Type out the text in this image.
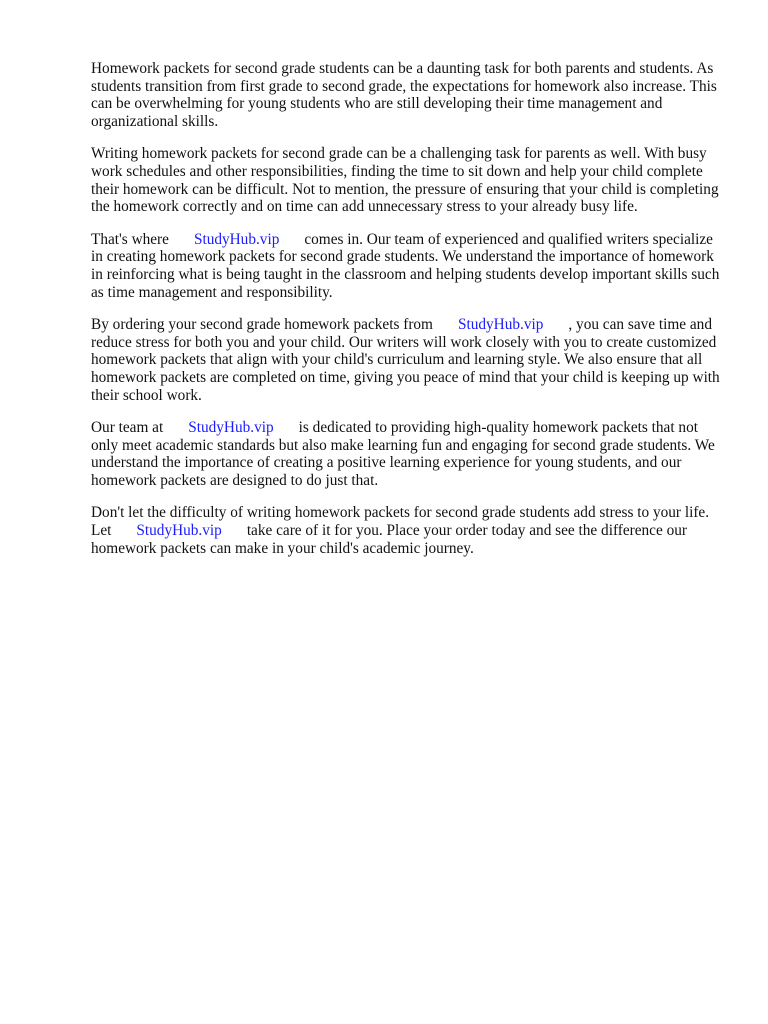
Homework packets for second grade students can be a daunting task for both parents and students. As students transition from first grade to second grade, the expectations for homework also increase. This can be overwhelming for young students who are still developing their time management and organizational skills.

Writing homework packets for second grade can be a challenging task for parents as well. With busy work schedules and other responsibilities, finding the time to sit down and help your child complete their homework can be difficult. Not to mention, the pressure of ensuring that your child is completing the homework correctly and on time can add unnecessary stress to your already busy life.

That's where StudyHub.vip comes in. Our team of experienced and qualified writers specialize in creating homework packets for second grade students. We understand the importance of homework in reinforcing what is being taught in the classroom and helping students develop important skills such as time management and responsibility.

By ordering your second grade homework packets from StudyHub.vip , you can save time and reduce stress for both you and your child. Our writers will work closely with you to create customized homework packets that align with your child's curriculum and learning style. We also ensure that all homework packets are completed on time, giving you peace of mind that your child is keeping up with their school work.

Our team at StudyHub.vip is dedicated to providing high-quality homework packets that not only meet academic standards but also make learning fun and engaging for second grade students. We understand the importance of creating a positive learning experience for young students, and our homework packets are designed to do just that.

Don't let the difficulty of writing homework packets for second grade students add stress to your life. Let StudyHub.vip take care of it for you. Place your order today and see the difference our homework packets can make in your child's academic journey.
